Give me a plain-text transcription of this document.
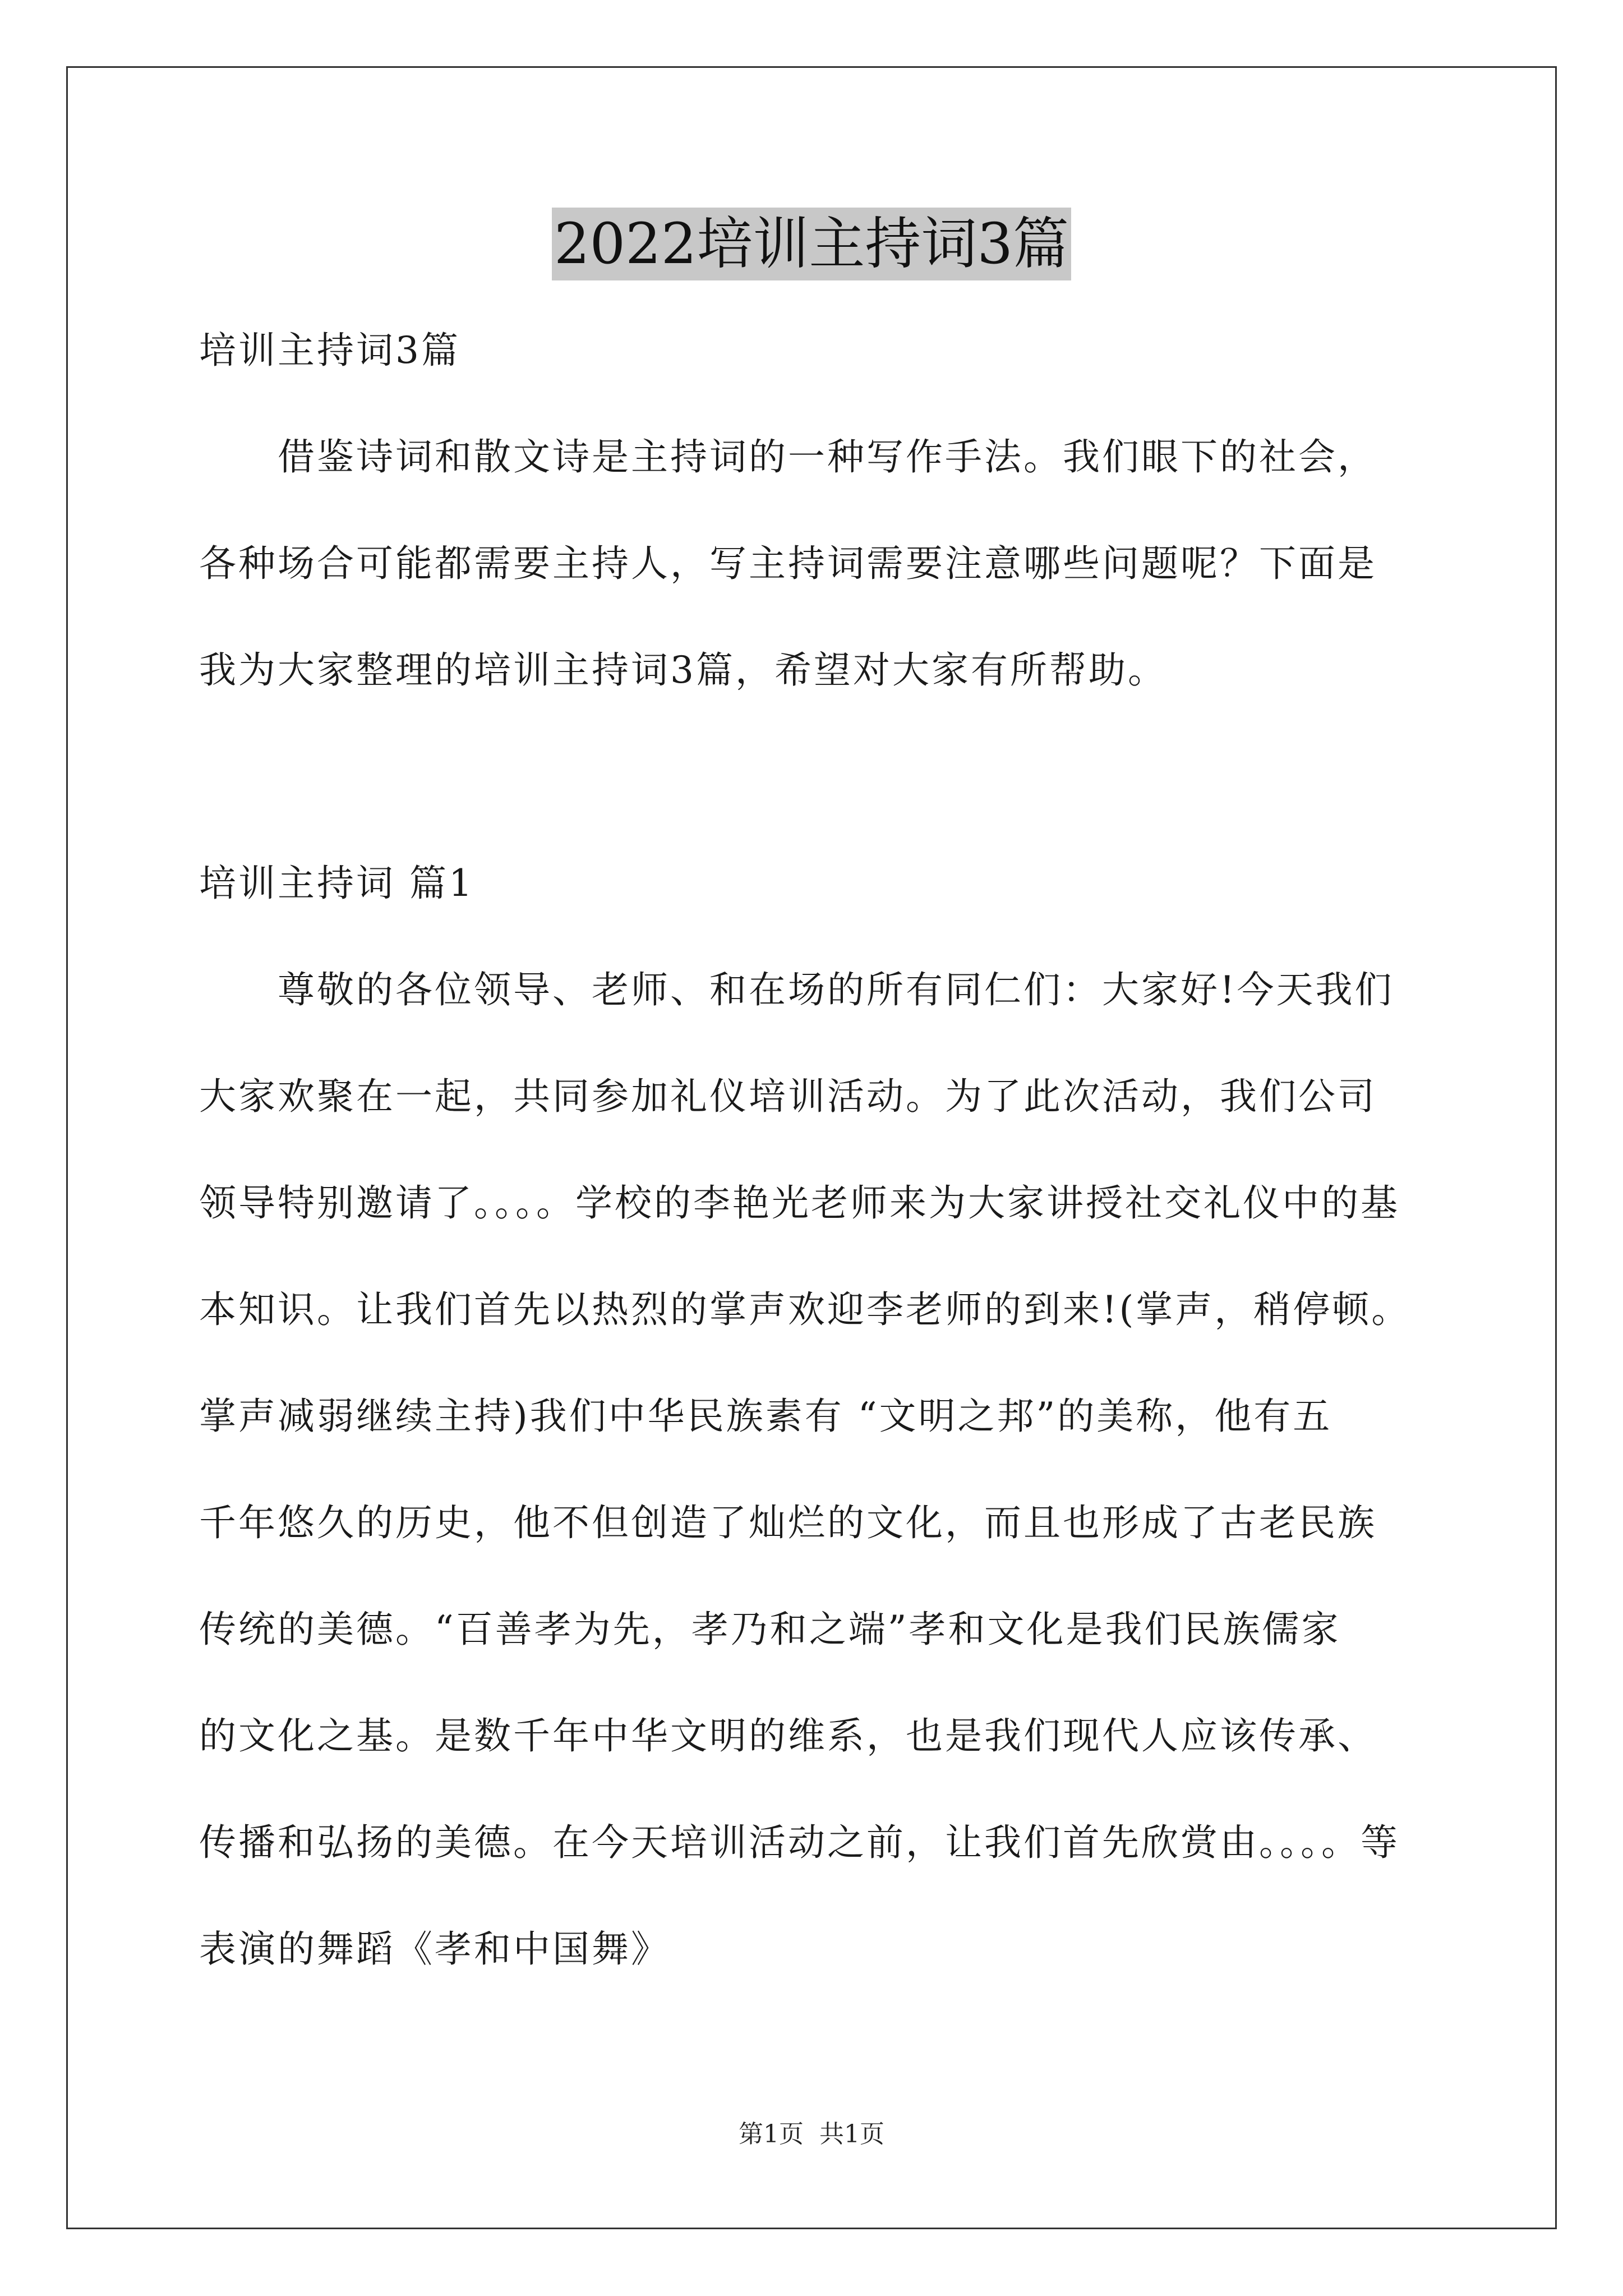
2022培训主持词3篇
培训主持词3篇
　　借鉴诗词和散文诗是主持词的一种写作手法。我们眼下的社会，
各种场合可能都需要主持人，写主持词需要注意哪些问题呢？下面是
我为大家整理的培训主持词3篇，希望对大家有所帮助。
培训主持词 篇1
　　尊敬的各位领导、老师、和在场的所有同仁们：大家好!今天我们
大家欢聚在一起，共同参加礼仪培训活动。为了此次活动，我们公司
领导特别邀请了。。。。学校的李艳光老师来为大家讲授社交礼仪中的基
本知识。让我们首先以热烈的掌声欢迎李老师的到来!(掌声，稍停顿。
掌声减弱继续主持)我们中华民族素有 “文明之邦”的美称，他有五
千年悠久的历史，他不但创造了灿烂的文化，而且也形成了古老民族
传统的美德。“百善孝为先，孝乃和之端”孝和文化是我们民族儒家
的文化之基。是数千年中华文明的维系，也是我们现代人应该传承、
传播和弘扬的美德。在今天培训活动之前，让我们首先欣赏由。。。。等
表演的舞蹈《孝和中国舞》
第1页 共1页
